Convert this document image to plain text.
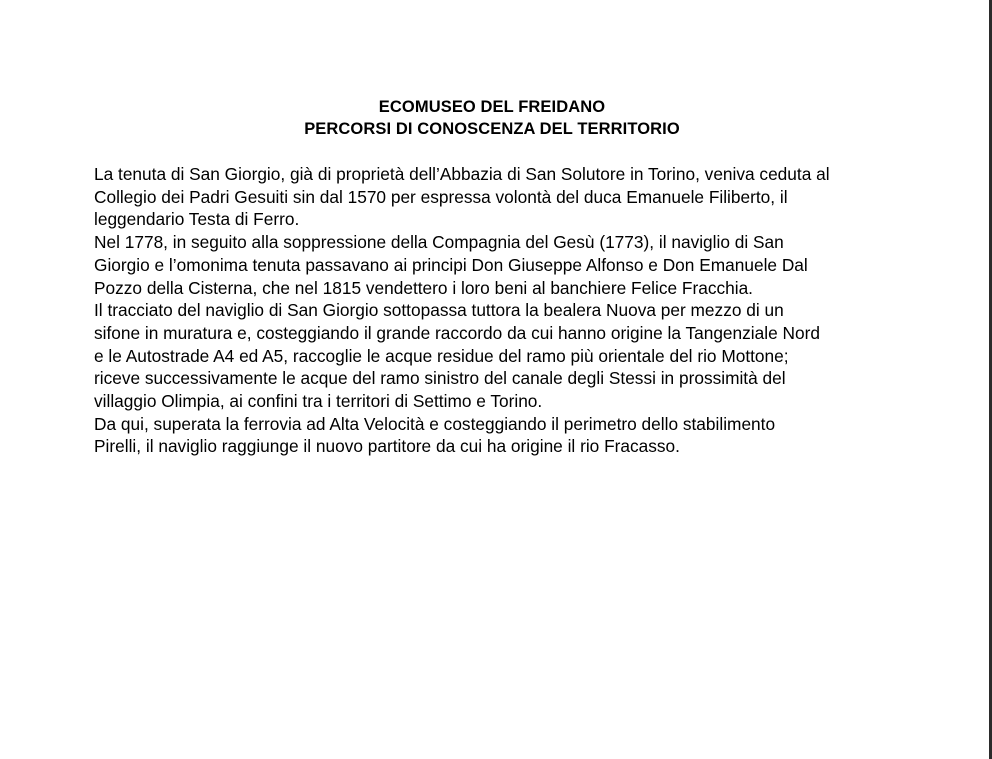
ECOMUSEO DEL FREIDANO
PERCORSI DI CONOSCENZA DEL TERRITORIO

La tenuta di San Giorgio, già di proprietà dell’Abbazia di San Solutore in Torino, veniva ceduta al
Collegio dei Padri Gesuiti sin dal 1570 per espressa volontà del duca Emanuele Filiberto, il
leggendario Testa di Ferro.

Nel 1778, in seguito alla soppressione della Compagnia del Gesù (1773), il naviglio di San
Giorgio e l’omonima tenuta passavano ai principi Don Giuseppe Alfonso e Don Emanuele Dal
Pozzo della Cisterna, che nel 1815 vendettero i loro beni al banchiere Felice Fracchia.

Il tracciato del naviglio di San Giorgio sottopassa tuttora la bealera Nuova per mezzo di un
sifone in muratura e, costeggiando il grande raccordo da cui hanno origine la Tangenziale Nord
e le Autostrade A4 ed A5, raccoglie le acque residue del ramo più orientale del rio Mottone;
riceve successivamente le acque del ramo sinistro del canale degli Stessi in prossimità del
villaggio Olimpia, ai confini tra i territori di Settimo e Torino.

Da qui, superata la ferrovia ad Alta Velocità e costeggiando il perimetro dello stabilimento
Pirelli, il naviglio raggiunge il nuovo partitore da cui ha origine il rio Fracasso.
